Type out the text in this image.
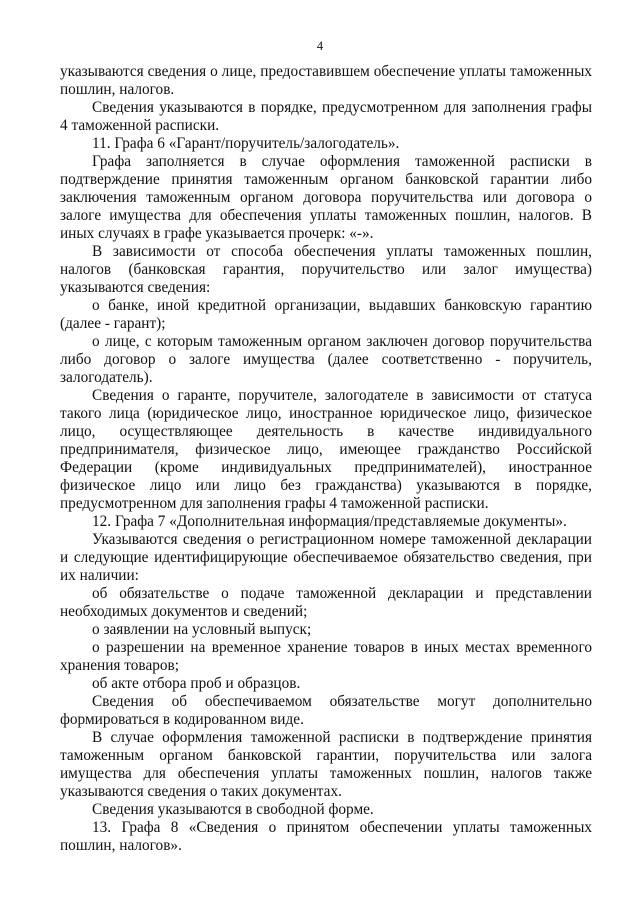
4

указываются сведения о лице, предоставившем обеспечение уплаты таможенных пошлин, налогов.

Сведения указываются в порядке, предусмотренном для заполнения графы 4 таможенной расписки.

11. Графа 6 «Гарант/поручитель/залогодатель».

Графа заполняется в случае оформления таможенной расписки в подтверждение принятия таможенным органом банковской гарантии либо заключения таможенным органом договора поручительства или договора о залоге имущества для обеспечения уплаты таможенных пошлин, налогов. В иных случаях в графе указывается прочерк: «-».

В зависимости от способа обеспечения уплаты таможенных пошлин, налогов (банковская гарантия, поручительство или залог имущества) указываются сведения:

о банке, иной кредитной организации, выдавших банковскую гарантию (далее - гарант);

о лице, с которым таможенным органом заключен договор поручительства либо договор о залоге имущества (далее соответственно - поручитель, залогодатель).

Сведения о гаранте, поручителе, залогодателе в зависимости от статуса такого лица (юридическое лицо, иностранное юридическое лицо, физическое лицо, осуществляющее деятельность в качестве индивидуального предпринимателя, физическое лицо, имеющее гражданство Российской Федерации (кроме индивидуальных предпринимателей), иностранное физическое лицо или лицо без гражданства) указываются в порядке, предусмотренном для заполнения графы 4 таможенной расписки.

12. Графа 7 «Дополнительная информация/представляемые документы».

Указываются сведения о регистрационном номере таможенной декларации и следующие идентифицирующие обеспечиваемое обязательство сведения, при их наличии:

об обязательстве о подаче таможенной декларации и представлении необходимых документов и сведений;

о заявлении на условный выпуск;

о разрешении на временное хранение товаров в иных местах временного хранения товаров;

об акте отбора проб и образцов.

Сведения об обеспечиваемом обязательстве могут дополнительно формироваться в кодированном виде.

В случае оформления таможенной расписки в подтверждение принятия таможенным органом банковской гарантии, поручительства или залога имущества для обеспечения уплаты таможенных пошлин, налогов также указываются сведения о таких документах.

Сведения указываются в свободной форме.

13. Графа 8 «Сведения о принятом обеспечении уплаты таможенных пошлин, налогов».
